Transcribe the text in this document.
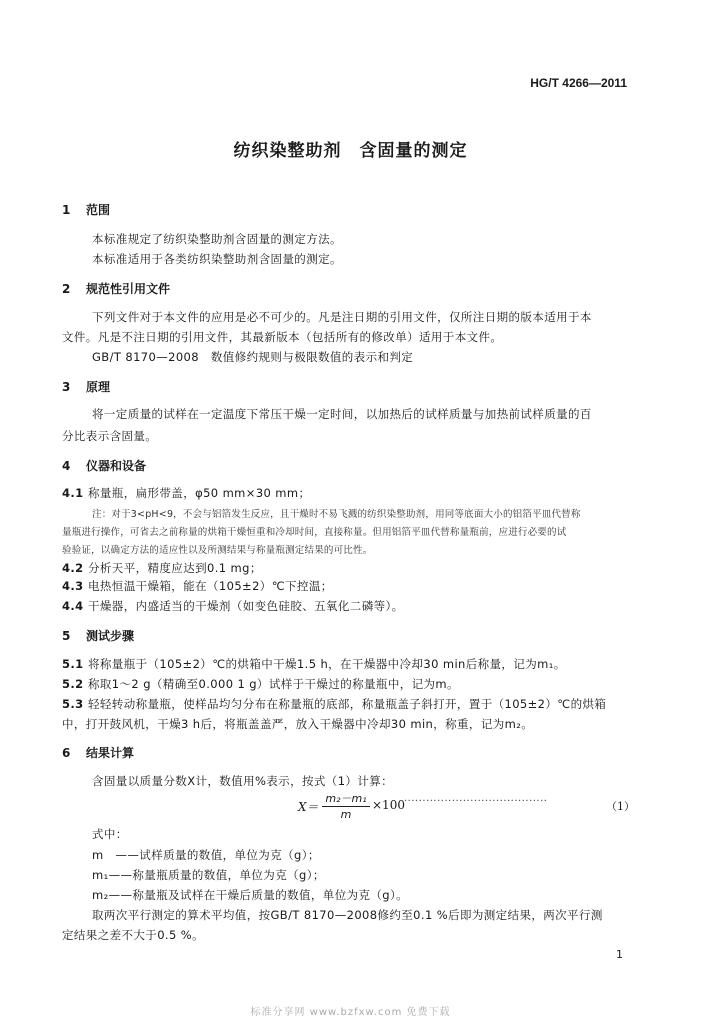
HG/T 4266—2011
纺织染整助剂　含固量的测定
1 范围
本标准规定了纺织染整助剂含固量的测定方法。
本标准适用于各类纺织染整助剂含固量的测定。
2 规范性引用文件
下列文件对于本文件的应用是必不可少的。凡是注日期的引用文件，仅所注日期的版本适用于本
文件。凡是不注日期的引用文件，其最新版本（包括所有的修改单）适用于本文件。
GB/T 8170—2008　数值修约规则与极限数值的表示和判定
3 原理
将一定质量的试样在一定温度下常压干燥一定时间，以加热后的试样质量与加热前试样质量的百
分比表示含固量。
4 仪器和设备
4.1 称量瓶，扁形带盖，φ50 mm×30 mm；
注：对于3<pH<9，不会与铝箔发生反应，且干燥时不易飞溅的纺织染整助剂，用同等底面大小的铝箔平皿代替称
量瓶进行操作，可省去之前称量的烘箱干燥恒重和冷却时间，直接称量。但用铝箔平皿代替称量瓶前，应进行必要的试
验验证，以确定方法的适应性以及所测结果与称量瓶测定结果的可比性。
4.2 分析天平，精度应达到0.1 mg；
4.3 电热恒温干燥箱，能在（105±2）℃下控温；
4.4 干燥器，内盛适当的干燥剂（如变色硅胶、五氧化二磷等）。
5 测试步骤
5.1 将称量瓶于（105±2）℃的烘箱中干燥1.5 h，在干燥器中冷却30 min后称量，记为m₁。
5.2 称取1～2 g（精确至0.000 1 g）试样于干燥过的称量瓶中，记为m。
5.3 轻轻转动称量瓶，使样品均匀分布在称量瓶的底部，称量瓶盖子斜打开，置于（105±2）℃的烘箱
中，打开鼓风机，干燥3 h后，将瓶盖盖严，放入干燥器中冷却30 min，称重，记为m₂。
6 结果计算
含固量以质量分数X计，数值用%表示，按式（1）计算：
X＝
m₂－m₁
m
×100 ·······································	（1）
式中：
m　——试样质量的数值，单位为克（g）；
m₁——称量瓶质量的数值，单位为克（g）；
m₂——称量瓶及试样在干燥后质量的数值，单位为克（g）。
取两次平行测定的算术平均值，按GB/T 8170—2008修约至0.1 %后即为测定结果，两次平行测
定结果之差不大于0.5 %。
1
标准分享网 www.bzfxw.com 免费下载
